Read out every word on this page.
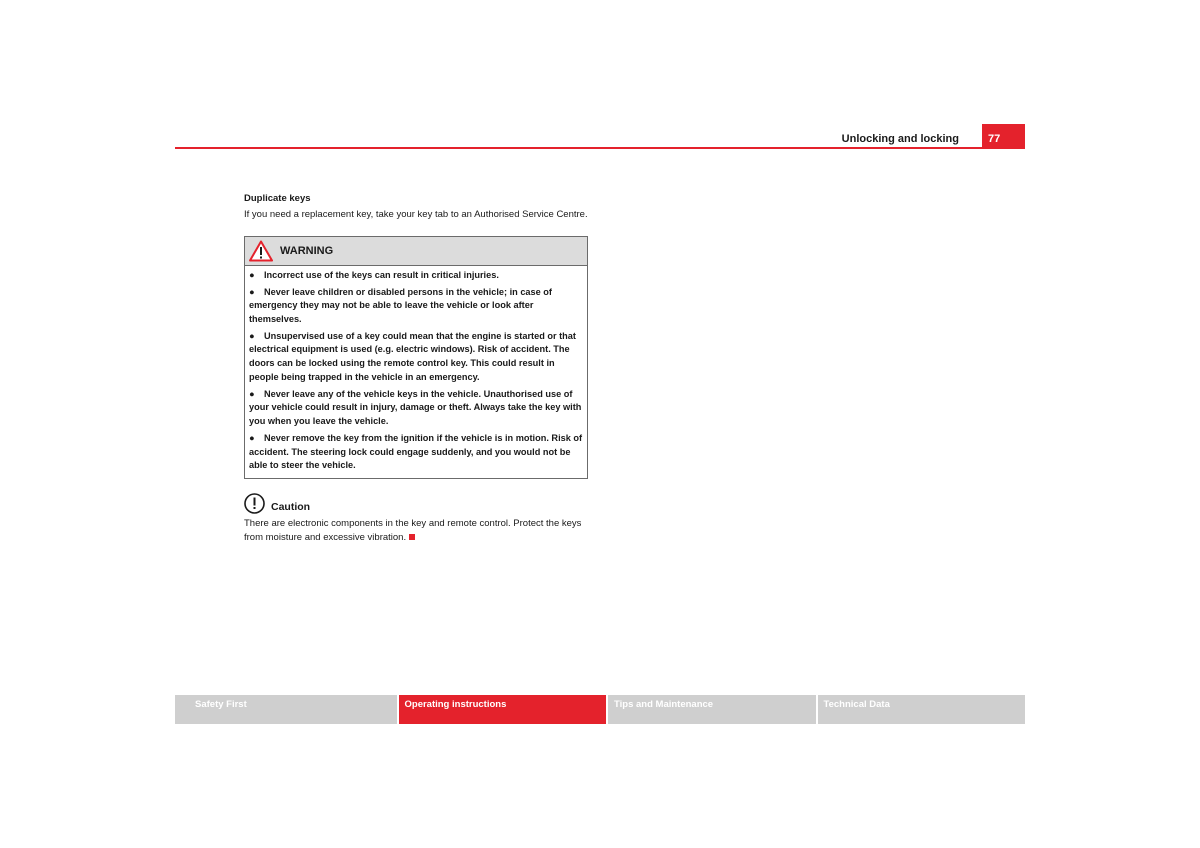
Unlocking and locking	77

Duplicate keys

If you need a replacement key, take your key tab to an Authorised Service Centre.

WARNING

● Incorrect use of the keys can result in critical injuries.

● Never leave children or disabled persons in the vehicle; in case of emergency they may not be able to leave the vehicle or look after themselves.

● Unsupervised use of a key could mean that the engine is started or that electrical equipment is used (e.g. electric windows). Risk of accident. The doors can be locked using the remote control key. This could result in people being trapped in the vehicle in an emergency.

● Never leave any of the vehicle keys in the vehicle. Unauthorised use of your vehicle could result in injury, damage or theft. Always take the key with you when you leave the vehicle.

● Never remove the key from the ignition if the vehicle is in motion. Risk of accident. The steering lock could engage suddenly, and you would not be able to steer the vehicle.

Caution

There are electronic components in the key and remote control. Protect the keys from moisture and excessive vibration.

Safety First	Operating instructions	Tips and Maintenance	Technical Data
